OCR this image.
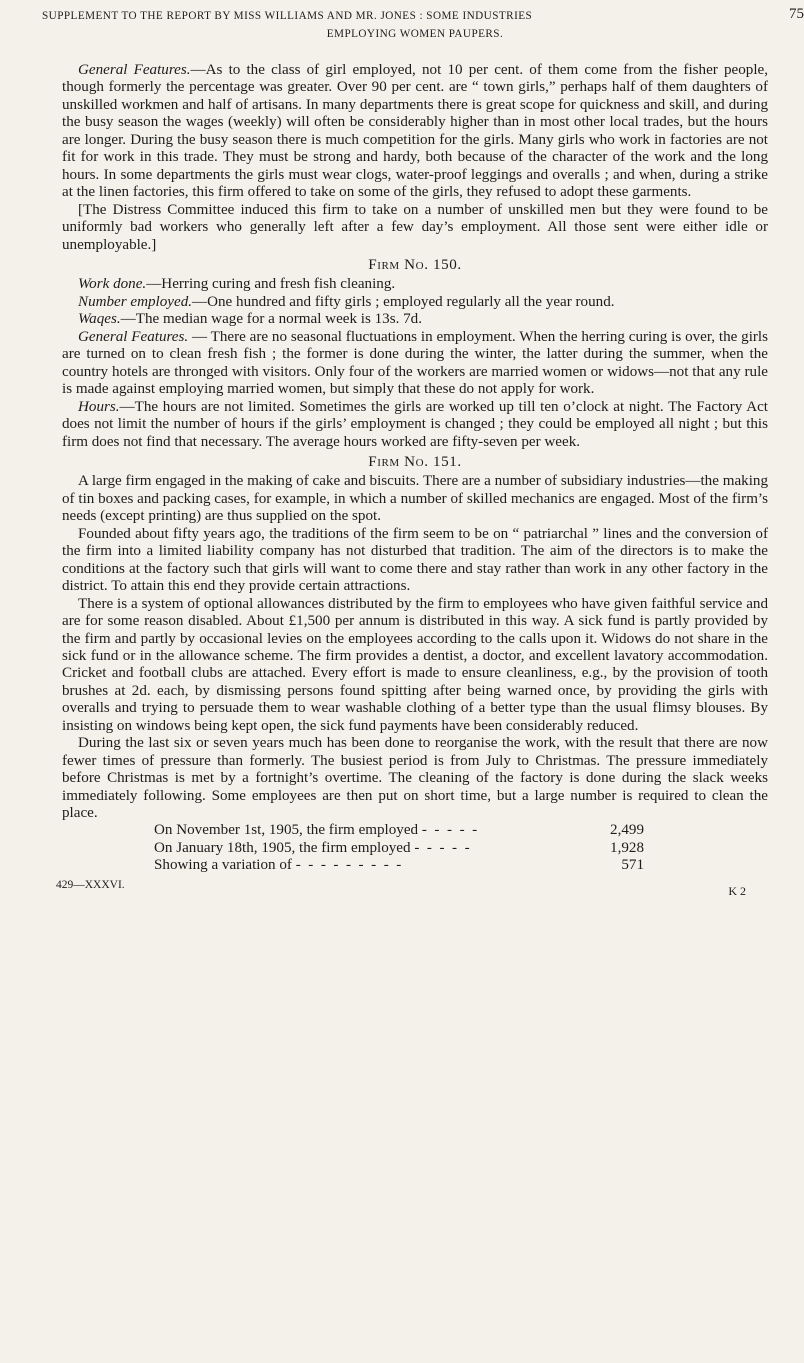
SUPPLEMENT TO THE REPORT BY MISS WILLIAMS AND MR. JONES : SOME INDUSTRIES
EMPLOYING WOMEN PAUPERS.
75

General Features.—As to the class of girl employed, not 10 per cent. of them come from the fisher people, though formerly the percentage was greater. Over 90 per cent. are “ town girls,” perhaps half of them daughters of unskilled workmen and half of artisans. In many departments there is great scope for quickness and skill, and during the busy season the wages (weekly) will often be considerably higher than in most other local trades, but the hours are longer. During the busy season there is much competition for the girls. Many girls who work in factories are not fit for work in this trade. They must be strong and hardy, both because of the character of the work and the long hours. In some departments the girls must wear clogs, water-proof leggings and overalls ; and when, during a strike at the linen factories, this firm offered to take on some of the girls, they refused to adopt these garments.

[The Distress Committee induced this firm to take on a number of unskilled men but they were found to be uniformly bad workers who generally left after a few day’s employment. All those sent were either idle or unemployable.]

Firm No. 150.

Work done.—Herring curing and fresh fish cleaning.

Number employed.—One hundred and fifty girls ; employed regularly all the year round.

Waqes.—The median wage for a normal week is 13s. 7d.

General Features. — There are no seasonal fluctuations in employment. When the herring curing is over, the girls are turned on to clean fresh fish ; the former is done during the winter, the latter during the summer, when the country hotels are thronged with visitors. Only four of the workers are married women or widows—not that any rule is made against employing married women, but simply that these do not apply for work.

Hours.—The hours are not limited. Sometimes the girls are worked up till ten o’clock at night. The Factory Act does not limit the number of hours if the girls’ employment is changed ; they could be employed all night ; but this firm does not find that necessary. The average hours worked are fifty-seven per week.

Firm No. 151.

A large firm engaged in the making of cake and biscuits. There are a number of subsidiary industries—the making of tin boxes and packing cases, for example, in which a number of skilled mechanics are engaged. Most of the firm’s needs (except printing) are thus supplied on the spot.

Founded about fifty years ago, the traditions of the firm seem to be on “ patriarchal ” lines and the conversion of the firm into a limited liability company has not disturbed that tradition. The aim of the directors is to make the conditions at the factory such that girls will want to come there and stay rather than work in any other factory in the district. To attain this end they provide certain attractions.

There is a system of optional allowances distributed by the firm to employees who have given faithful service and are for some reason disabled. About £1,500 per annum is distributed in this way. A sick fund is partly provided by the firm and partly by occasional levies on the employees according to the calls upon it. Widows do not share in the sick fund or in the allowance scheme. The firm provides a dentist, a doctor, and excellent lavatory accommodation. Cricket and football clubs are attached. Every effort is made to ensure cleanliness, e.g., by the provision of tooth brushes at 2d. each, by dismissing persons found spitting after being warned once, by providing the girls with overalls and trying to persuade them to wear washable clothing of a better type than the usual flimsy blouses. By insisting on windows being kept open, the sick fund payments have been considerably reduced.

During the last six or seven years much has been done to reorganise the work, with the result that there are now fewer times of pressure than formerly. The busiest period is from July to Christmas. The pressure immediately before Christmas is met by a fortnight’s overtime. The cleaning of the factory is done during the slack weeks immediately following. Some employees are then put on short time, but a large number is required to clean the place.

On November 1st, 1905, the firm employed -  -  -  -  -	2,499
On January 18th, 1905, the firm employed -  -  -  -  -	1,928
Showing a variation of -  -  -  -  -  -  -  -  -	571
429—XXXVI.	K 2
